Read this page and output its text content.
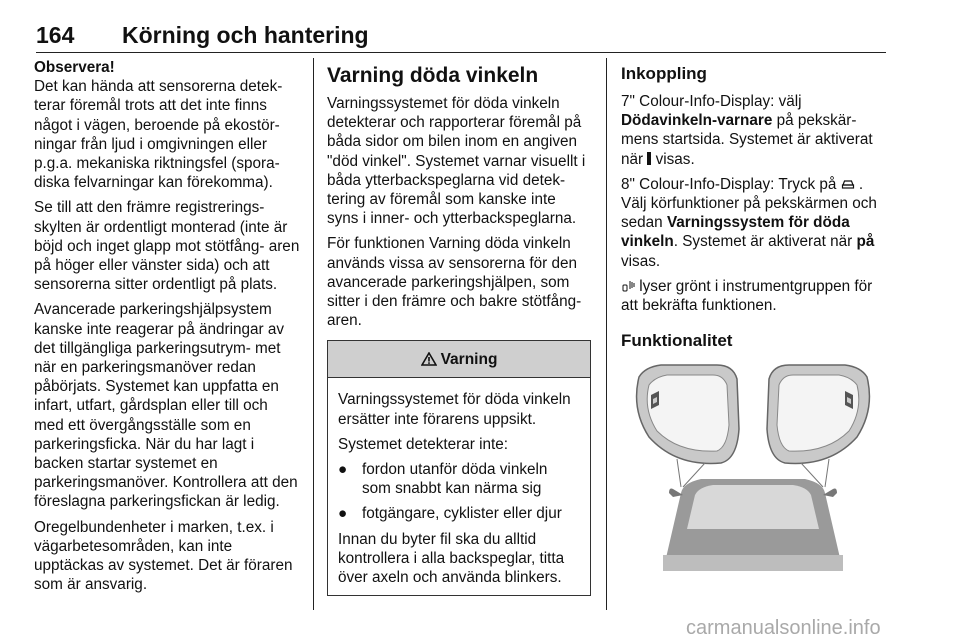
164 Körning och hantering

Observera!
Det kan hända att sensorerna detek- terar föremål trots att det inte finns något i vägen, beroende på ekostör- ningar från ljud i omgivningen eller p.g.a. mekaniska riktningsfel (spora- diska felvarningar kan förekomma).

Se till att den främre registrerings- skylten är ordentligt monterad (inte är böjd och inget glapp mot stötfång- aren på höger eller vänster sida) och att sensorerna sitter ordentligt på plats.

Avancerade parkeringshjälpsystem kanske inte reagerar på ändringar av det tillgängliga parkeringsutrym- met när en parkeringsmanöver redan påbörjats. Systemet kan uppfatta en infart, utfart, gårdsplan eller till och med ett övergångsställe som en parkeringsficka. När du har lagt i backen startar systemet en parkeringsmanöver. Kontrollera att den föreslagna parkeringsfickan är ledig.

Oregelbundenheter i marken, t.ex. i vägarbetesområden, kan inte upptäckas av systemet. Det är föraren som är ansvarig.

Varning döda vinkeln

Varningssystemet för döda vinkeln detekterar och rapporterar föremål på båda sidor om bilen inom en angiven "död vinkel". Systemet varnar visuellt i båda ytterbackspeglarna vid detek- tering av föremål som kanske inte syns i inner- och ytterbackspeglarna.

För funktionen Varning döda vinkeln används vissa av sensorerna för den avancerade parkeringshjälpen, som sitter i den främre och bakre stötfång- aren.

Varning

Varningssystemet för döda vinkeln ersätter inte förarens uppsikt.

Systemet detekterar inte:

● fordon utanför döda vinkeln som snabbt kan närma sig
● fotgängare, cyklister eller djur

Innan du byter fil ska du alltid kontrollera i alla backspeglar, titta över axeln och använda blinkers.

Inkoppling

7" Colour-Info-Display: välj
Dödavinkeln-varnare på pekskär- mens startsida. Systemet är aktiverat när  visas.

8" Colour-Info-Display: Tryck på  . Välj körfunktioner på pekskärmen och sedan Varningssystem för döda vinkeln. Systemet är aktiverat när på visas.

lyser grönt i instrumentgruppen för att bekräfta funktionen.

Funktionalitet
carmanualsonline.info
